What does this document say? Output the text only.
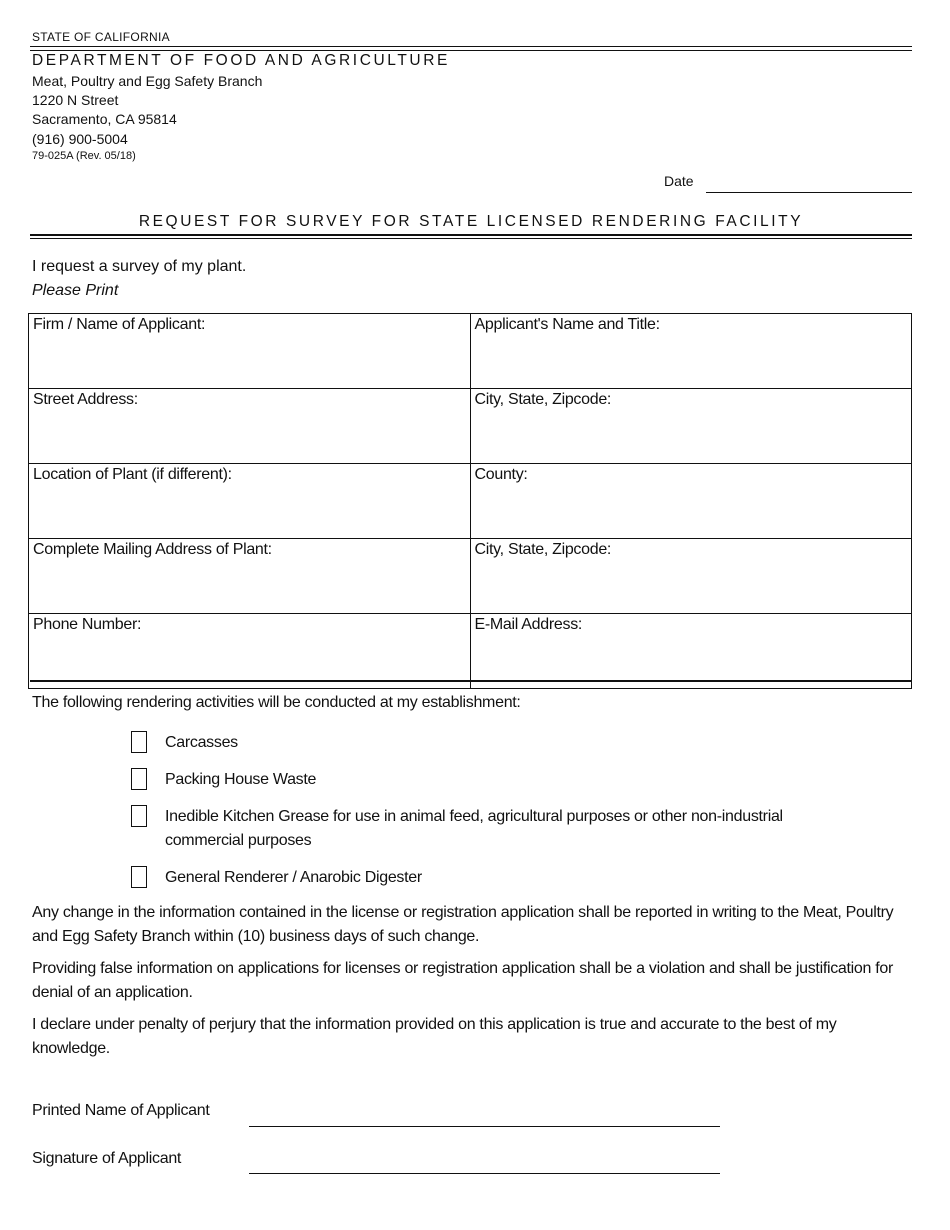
STATE OF CALIFORNIA
DEPARTMENT OF FOOD AND AGRICULTURE
Meat, Poultry and Egg Safety Branch
1220 N Street
Sacramento, CA 95814
(916) 900-5004
79-025A (Rev. 05/18)
Date
REQUEST FOR SURVEY FOR STATE LICENSED RENDERING FACILITY
I request a survey of my plant.
Please Print
Firm / Name of Applicant:	Applicant's Name and Title:
Street Address:	City, State, Zipcode:
Location of Plant (if different):	County:
Complete Mailing Address of Plant:	City, State, Zipcode:
Phone Number:	E-Mail Address:
The following rendering activities will be conducted at my establishment:
Carcasses
Packing House Waste
Inedible Kitchen Grease for use in animal feed, agricultural purposes or other non-industrial commercial purposes
General Renderer / Anarobic Digester
Any change in the information contained in the license or registration application shall be reported in writing to the Meat, Poultry and Egg Safety Branch within (10) business days of such change.
Providing false information on applications for licenses or registration application shall be a violation and shall be justification for denial of an application.
I declare under penalty of perjury that the information provided on this application is true and accurate to the best of my knowledge.
Printed Name of Applicant
Signature of Applicant
